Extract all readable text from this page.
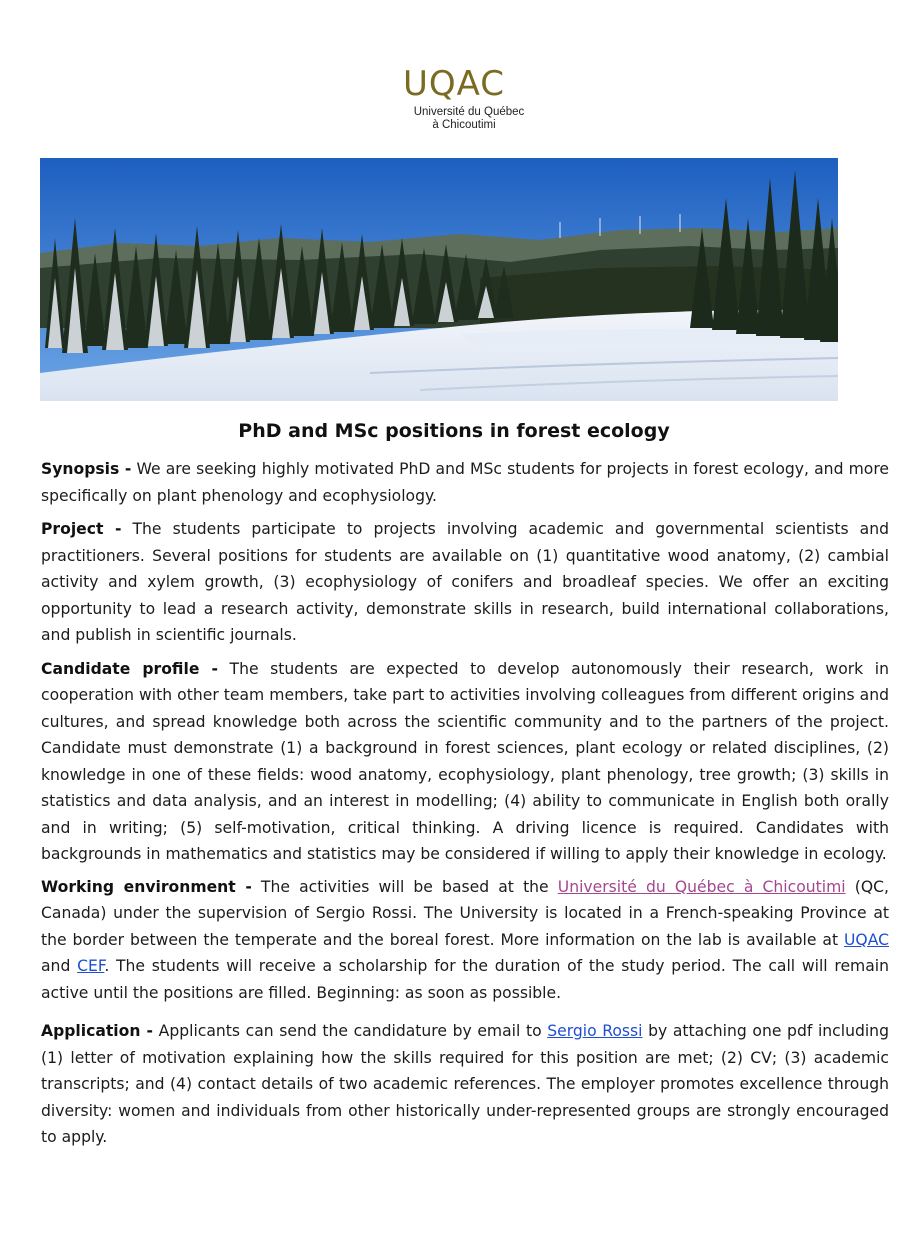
UQAC
Université du Québec
à Chicoutimi
PhD and MSc positions in forest ecology

Synopsis - We are seeking highly motivated PhD and MSc students for projects in forest ecology, and more specifically on plant phenology and ecophysiology.

Project - The students participate to projects involving academic and governmental scientists and practitioners. Several positions for students are available on (1) quantitative wood anatomy, (2) cambial activity and xylem growth, (3) ecophysiology of conifers and broadleaf species. We offer an exciting opportunity to lead a research activity, demonstrate skills in research, build international collaborations, and publish in scientific journals.

Candidate profile - The students are expected to develop autonomously their research, work in cooperation with other team members, take part to activities involving colleagues from different origins and cultures, and spread knowledge both across the scientific community and to the partners of the project. Candidate must demonstrate (1) a background in forest sciences, plant ecology or related disciplines, (2) knowledge in one of these fields: wood anatomy, ecophysiology, plant phenology, tree growth; (3) skills in statistics and data analysis, and an interest in modelling; (4) ability to communicate in English both orally and in writing; (5) self-motivation, critical thinking. A driving licence is required. Candidates with backgrounds in mathematics and statistics may be considered if willing to apply their knowledge in ecology.

Working environment - The activities will be based at the Université du Québec à Chicoutimi (QC, Canada) under the supervision of Sergio Rossi. The University is located in a French-speaking Province at the border between the temperate and the boreal forest. More information on the lab is available at UQAC and CEF. The students will receive a scholarship for the duration of the study period. The call will remain active until the positions are filled. Beginning: as soon as possible.

Application - Applicants can send the candidature by email to Sergio Rossi by attaching one pdf including (1) letter of motivation explaining how the skills required for this position are met; (2) CV; (3) academic transcripts; and (4) contact details of two academic references. The employer promotes excellence through diversity: women and individuals from other historically under-represented groups are strongly encouraged to apply.
